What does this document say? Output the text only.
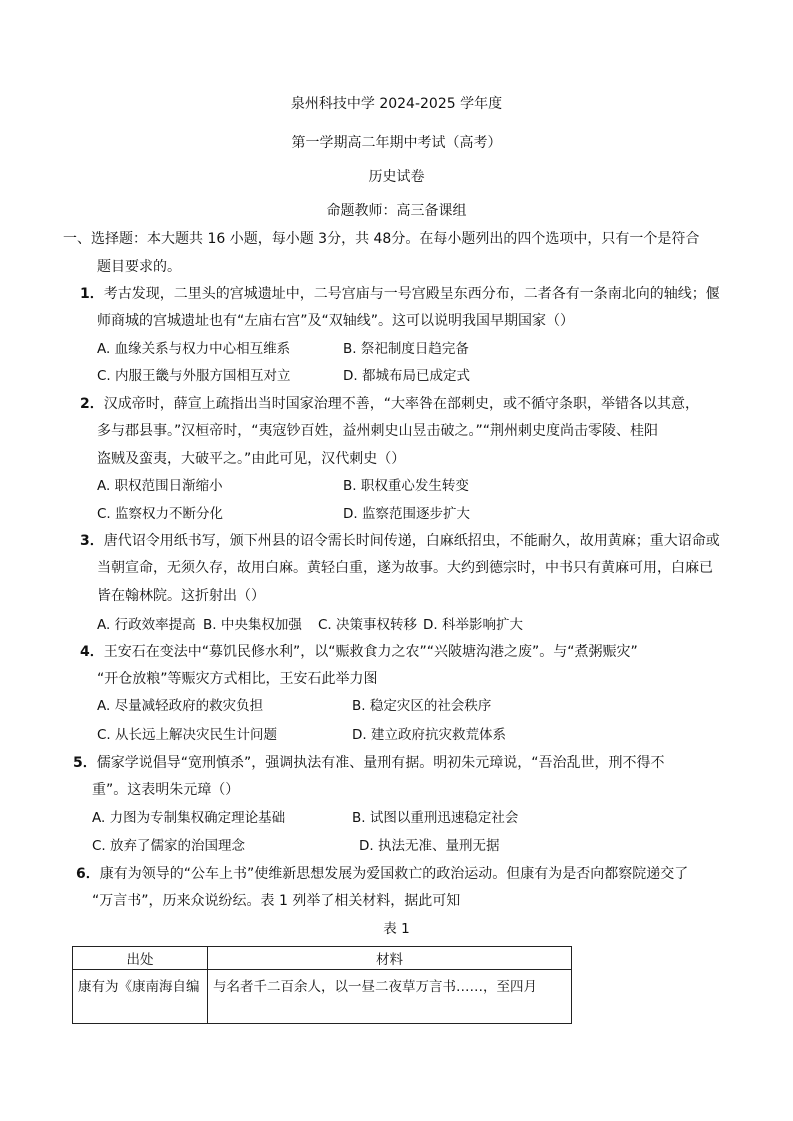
泉州科技中学 2024-2025 学年度
第一学期高二年期中考试（高考）
历史试卷
命题教师：高三备课组
一、选择题：本大题共 16 小题，每小题 3分，共 48分。在每小题列出的四个选项中，只有一个是符合
题目要求的。
1．考古发现，二里头的宫城遗址中，二号宫庙与一号宫殿呈东西分布，二者各有一条南北向的轴线；偃
师商城的宫城遗址也有“左庙右宫”及“双轴线”。这可以说明我国早期国家（）
A. 血缘关系与权力中心相互维系	B. 祭祀制度日趋完备
C. 内服王畿与外服方国相互对立	D. 都城布局已成定式
2．汉成帝时，薛宣上疏指出当时国家治理不善，“大率咎在部刺史，或不循守条职，举错各以其意，
多与郡县事。”汉桓帝时，“夷寇钞百姓，益州刺史山昱击破之。”“荆州刺史度尚击零陵、桂阳
盗贼及蛮夷，大破平之。”由此可见，汉代刺史（）
A. 职权范围日渐缩小	B. 职权重心发生转变
C. 监察权力不断分化	D. 监察范围逐步扩大
3．唐代诏令用纸书写，颁下州县的诏令需长时间传递，白麻纸招虫，不能耐久，故用黄麻；重大诏命或
当朝宣命，无须久存，故用白麻。黄轻白重，遂为故事。大约到德宗时，中书只有黄麻可用，白麻已
皆在翰林院。这折射出（）
A. 行政效率提高 B. 中央集权加强 C. 决策事权转移 D. 科举影响扩大
4．王安石在变法中“募饥民修水利”，以“赈救食力之农”“兴陂塘沟港之废”。与“煮粥赈灾”
“开仓放粮”等赈灾方式相比，王安石此举力图
A. 尽量减轻政府的救灾负担	B. 稳定灾区的社会秩序
C. 从长远上解决灾民生计问题	D. 建立政府抗灾救荒体系
5．儒家学说倡导“宽刑慎杀”，强调执法有准、量刑有据。明初朱元璋说，“吾治乱世，刑不得不
重”。这表明朱元璋（）
A. 力图为专制集权确定理论基础	B. 试图以重刑迅速稳定社会
C. 放弃了儒家的治国理念	D. 执法无准、量刑无据
6．康有为领导的“公车上书”使维新思想发展为爱国救亡的政治运动。但康有为是否向都察院递交了
“万言书”，历来众说纷纭。表 1 列举了相关材料，据此可知
表 1
出处	材料
康有为《康南海自编	与名者千二百余人，以一昼二夜草万言书……，至四月
